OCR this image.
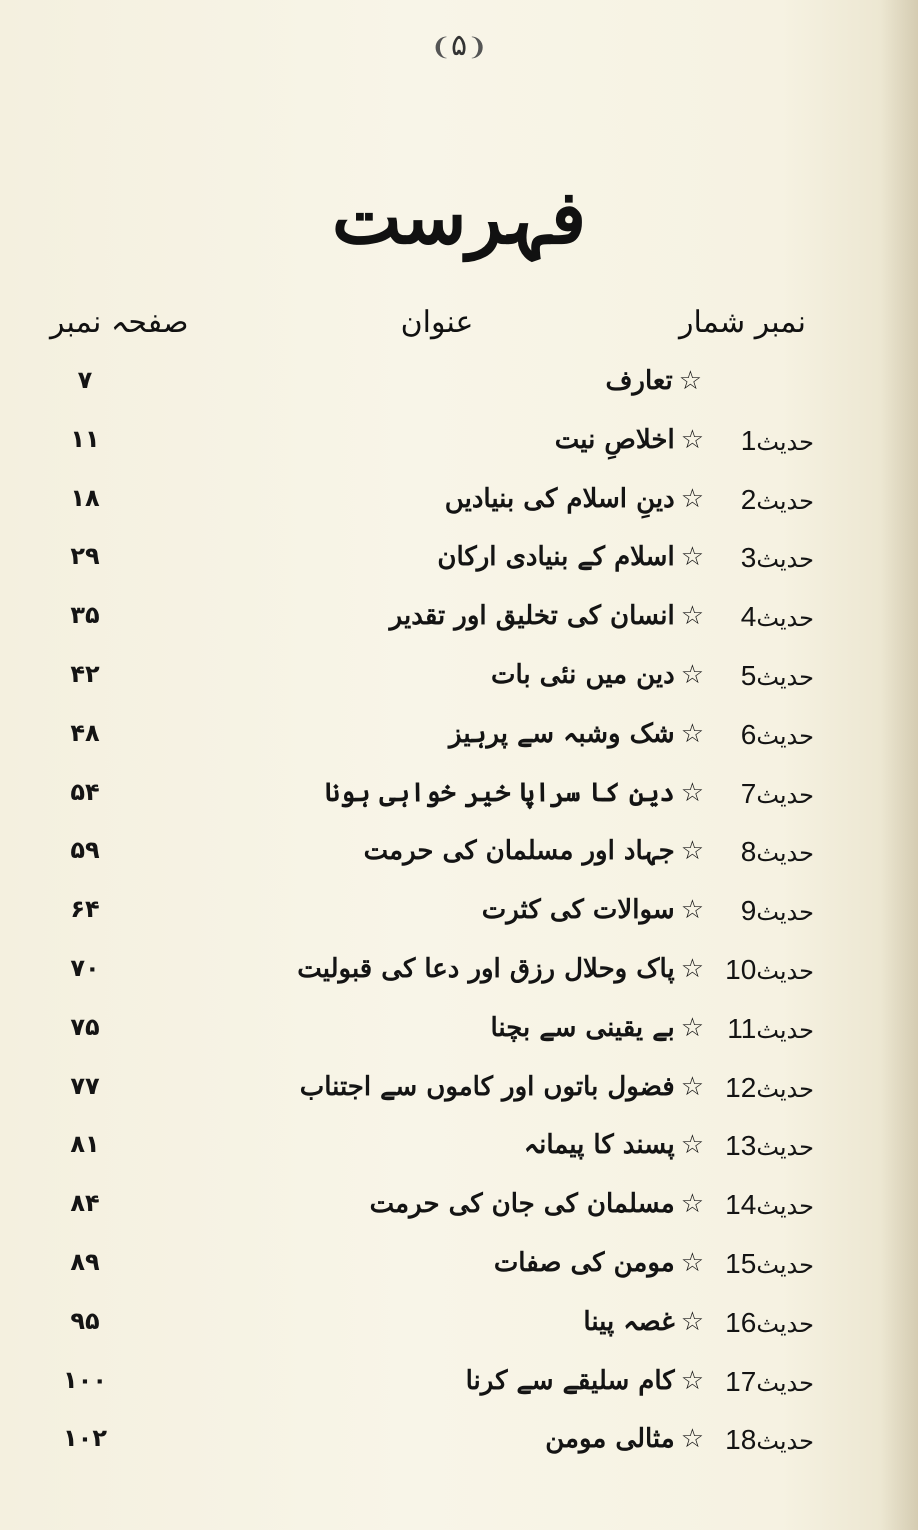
❨۵❩
فہرست
نمبر شمار
عنوان
صفحہ نمبر
☆تعارف
۷
حدیث1
☆اخلاصِ نیت
۱۱
حدیث2
☆دینِ اسلام کی بنیادیں
۱۸
حدیث3
☆اسلام کے بنیادی ارکان
۲۹
حدیث4
☆انسان کی تخلیق اور تقدیر
۳۵
حدیث5
☆دین میں نئی بات
۴۲
حدیث6
☆شک وشبہ سے پرہیز
۴۸
حدیث7
☆دین کا سراپا خیر خواہی ہونا
۵۴
حدیث8
☆جہاد اور مسلمان کی حرمت
۵۹
حدیث9
☆سوالات کی کثرت
۶۴
حدیث10
☆پاک وحلال رزق اور دعا کی قبولیت
۷۰
حدیث11
☆بے یقینی سے بچنا
۷۵
حدیث12
☆فضول باتوں اور کاموں سے اجتناب
۷۷
حدیث13
☆پسند کا پیمانہ
۸۱
حدیث14
☆مسلمان کی جان کی حرمت
۸۴
حدیث15
☆مومن کی صفات
۸۹
حدیث16
☆غصہ پینا
۹۵
حدیث17
☆کام سلیقے سے کرنا
۱۰۰
حدیث18
☆مثالی مومن
۱۰۲
